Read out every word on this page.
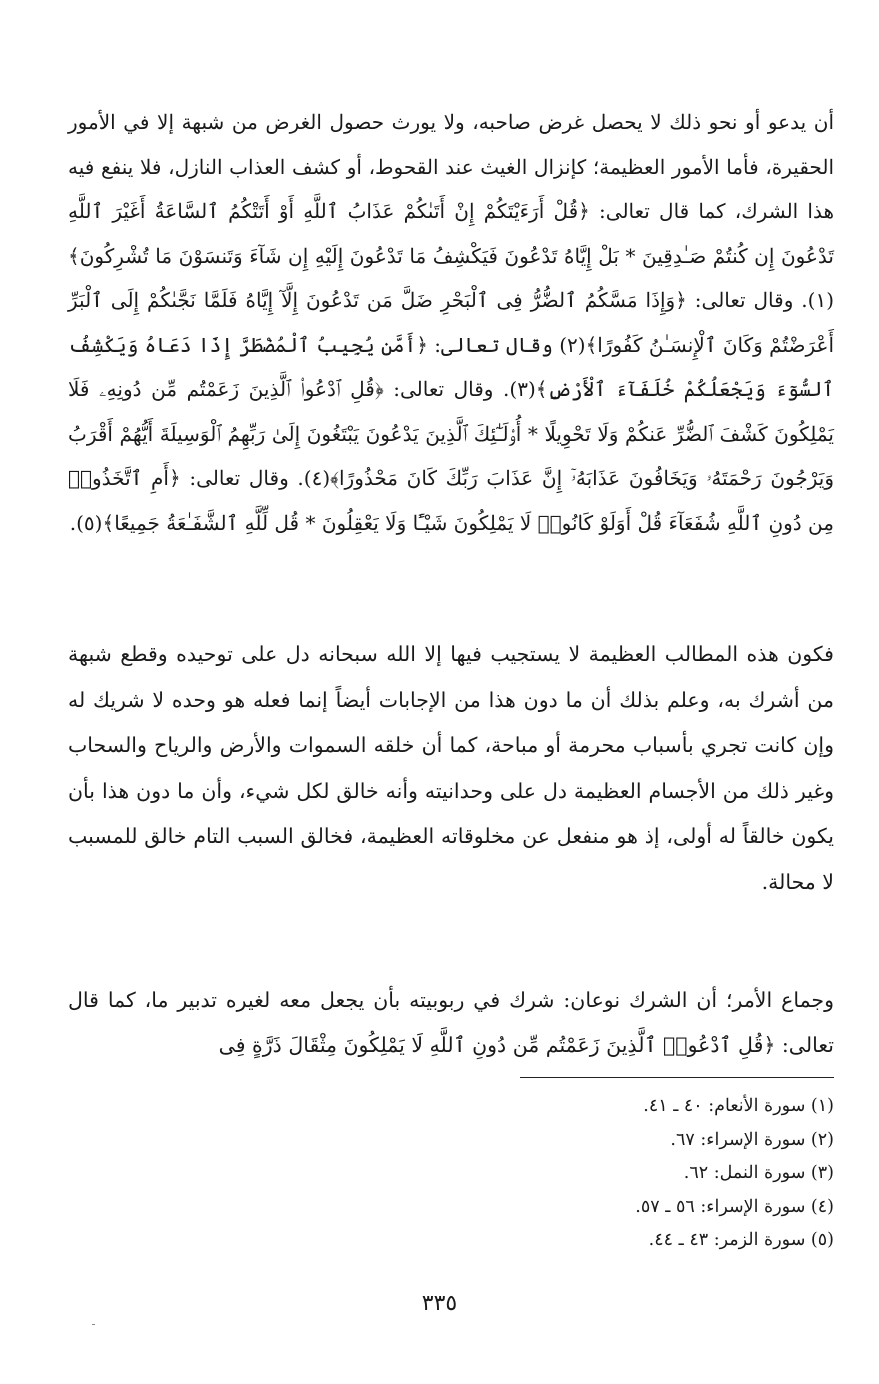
أن يدعو أو نحو ذلك لا يحصل غرض صاحبه، ولا يورث حصول الغرض من شبهة إلا في الأمور الحقيرة، فأما الأمور العظيمة؛ كإنزال الغيث عند القحوط، أو كشف العذاب النازل، فلا ينفع فيه هذا الشرك، كما قال تعالى: ﴿قُلْ أَرَءَيْتَكُمْ إِنْ أَتَىٰكُمْ عَذَابُ ٱللَّهِ أَوْ أَتَتْكُمُ ٱلسَّاعَةُ أَغَيْرَ ٱللَّهِ تَدْعُونَ إِن كُنتُمْ صَـٰدِقِينَ * بَلْ إِيَّاهُ تَدْعُونَ فَيَكْشِفُ مَا تَدْعُونَ إِلَيْهِ إِن شَآءَ وَتَنسَوْنَ مَا تُشْرِكُونَ﴾(١). وقال تعالى: ﴿وَإِذَا مَسَّكُمُ ٱلضُّرُّ فِى ٱلْبَحْرِ ضَلَّ مَن تَدْعُونَ إِلَّآ إِيَّاهُ فَلَمَّا نَجَّىٰكُمْ إِلَى ٱلْبَرِّ أَعْرَضْتُمْ وَكَانَ ٱلْإِنسَـٰنُ كَفُورًا﴾(٢) وقال تعالى: ﴿أَمَّن يُجِيبُ ٱلْمُضْطَرَّ إِذَا دَعَاهُ وَيَكْشِفُ ٱلسُّوٓءَ وَيَجْعَلُكُمْ خُلَفَآءَ ٱلْأَرْضِ﴾(٣). وقال تعالى: ﴿قُلِ ٱدْعُوا۟ ٱلَّذِينَ زَعَمْتُم مِّن دُونِهِۦ فَلَا يَمْلِكُونَ كَشْفَ ٱلضُّرِّ عَنكُمْ وَلَا تَحْوِيلًا * أُو۟لَـٰٓئِكَ ٱلَّذِينَ يَدْعُونَ يَبْتَغُونَ إِلَىٰ رَبِّهِمُ ٱلْوَسِيلَةَ أَيُّهُمْ أَقْرَبُ وَيَرْجُونَ رَحْمَتَهُۥ وَيَخَافُونَ عَذَابَهُۥٓ إِنَّ عَذَابَ رَبِّكَ كَانَ مَحْذُورًا﴾(٤). وقال تعالى: ﴿أَمِ ٱتَّخَذُوا۟ مِن دُونِ ٱللَّهِ شُفَعَآءَ قُلْ أَوَلَوْ كَانُوا۟ لَا يَمْلِكُونَ شَيْـًٔا وَلَا يَعْقِلُونَ * قُل لِّلَّهِ ٱلشَّفَـٰعَةُ جَمِيعًا﴾(٥).

فكون هذه المطالب العظيمة لا يستجيب فيها إلا الله سبحانه دل على توحيده وقطع شبهة من أشرك به، وعلم بذلك أن ما دون هذا من الإجابات أيضاً إنما فعله هو وحده لا شريك له وإن كانت تجري بأسباب محرمة أو مباحة، كما أن خلقه السموات والأرض والرياح والسحاب وغير ذلك من الأجسام العظيمة دل على وحدانيته وأنه خالق لكل شيء، وأن ما دون هذا بأن يكون خالقاً له أولى، إذ هو منفعل عن مخلوقاته العظيمة، فخالق السبب التام خالق للمسبب لا محالة.

وجماع الأمر؛ أن الشرك نوعان: شرك في ربوبيته بأن يجعل معه لغيره تدبير ما، كما قال تعالى: ﴿قُلِ ٱدْعُوا۟ ٱلَّذِينَ زَعَمْتُم مِّن دُونِ ٱللَّهِ لَا يَمْلِكُونَ مِثْقَالَ ذَرَّةٍ فِى

(١) سورة الأنعام: ٤٠ ـ ٤١.
(٢) سورة الإسراء: ٦٧.
(٣) سورة النمل: ٦٢.
(٤) سورة الإسراء: ٥٦ ـ ٥٧.
(٥) سورة الزمر: ٤٣ ـ ٤٤.
٣٣٥
